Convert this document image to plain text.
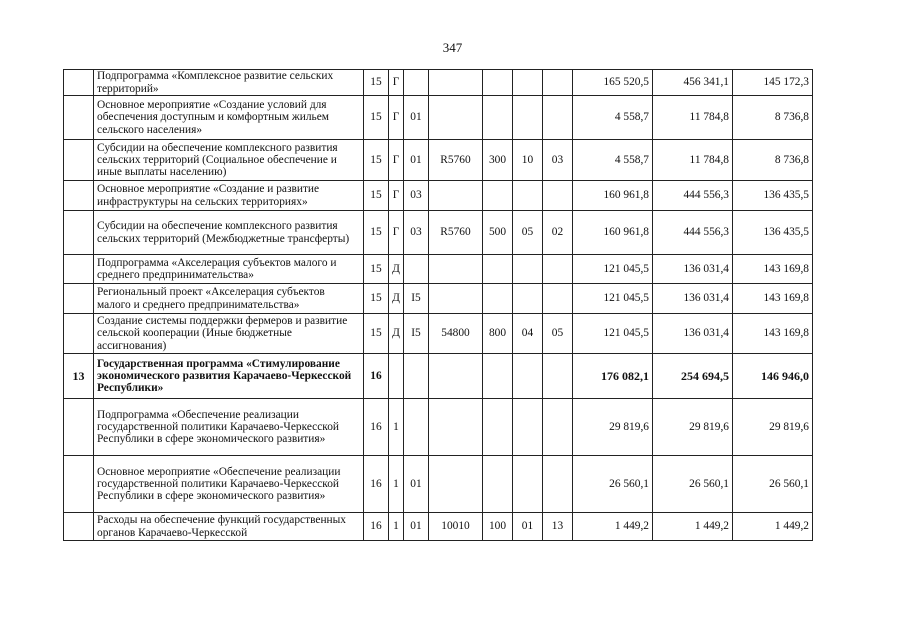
347
	Подпрограмма «Комплексное развитие сельских территорий»	15	Г						165 520,5	456 341,1	145 172,3
	Основное мероприятие «Создание условий для обеспечения доступным и комфортным жильем сельского населения»	15	Г	01					4 558,7	11 784,8	8 736,8
	Субсидии на обеспечение комплексного развития сельских территорий (Социальное обеспечение и иные выплаты населению)	15	Г	01	R5760	300	10	03	4 558,7	11 784,8	8 736,8
	Основное мероприятие «Создание и развитие инфраструктуры на сельских территориях»	15	Г	03					160 961,8	444 556,3	136 435,5
	Субсидии на обеспечение комплексного развития сельских территорий (Межбюджетные трансферты)	15	Г	03	R5760	500	05	02	160 961,8	444 556,3	136 435,5
	Подпрограмма «Акселерация субъектов малого и среднего предпринимательства»	15	Д						121 045,5	136 031,4	143 169,8
	Региональный проект «Акселерация субъектов малого и среднего предпринимательства»	15	Д	I5					121 045,5	136 031,4	143 169,8
	Создание системы поддержки фермеров и развитие сельской кооперации (Иные бюджетные ассигнования)	15	Д	I5	54800	800	04	05	121 045,5	136 031,4	143 169,8
13	Государственная программа «Стимулирование экономического развития Карачаево-Черкесской Республики»	16							176 082,1	254 694,5	146 946,0
	Подпрограмма «Обеспечение реализации государственной политики Карачаево-Черкесской Республики в сфере экономического развития»	16	1						29 819,6	29 819,6	29 819,6
	Основное мероприятие «Обеспечение реализации государственной политики Карачаево-Черкесской Республики в сфере экономического развития»	16	1	01					26 560,1	26 560,1	26 560,1
	Расходы на обеспечение функций государственных органов Карачаево-Черкесской	16	1	01	10010	100	01	13	1 449,2	1 449,2	1 449,2
